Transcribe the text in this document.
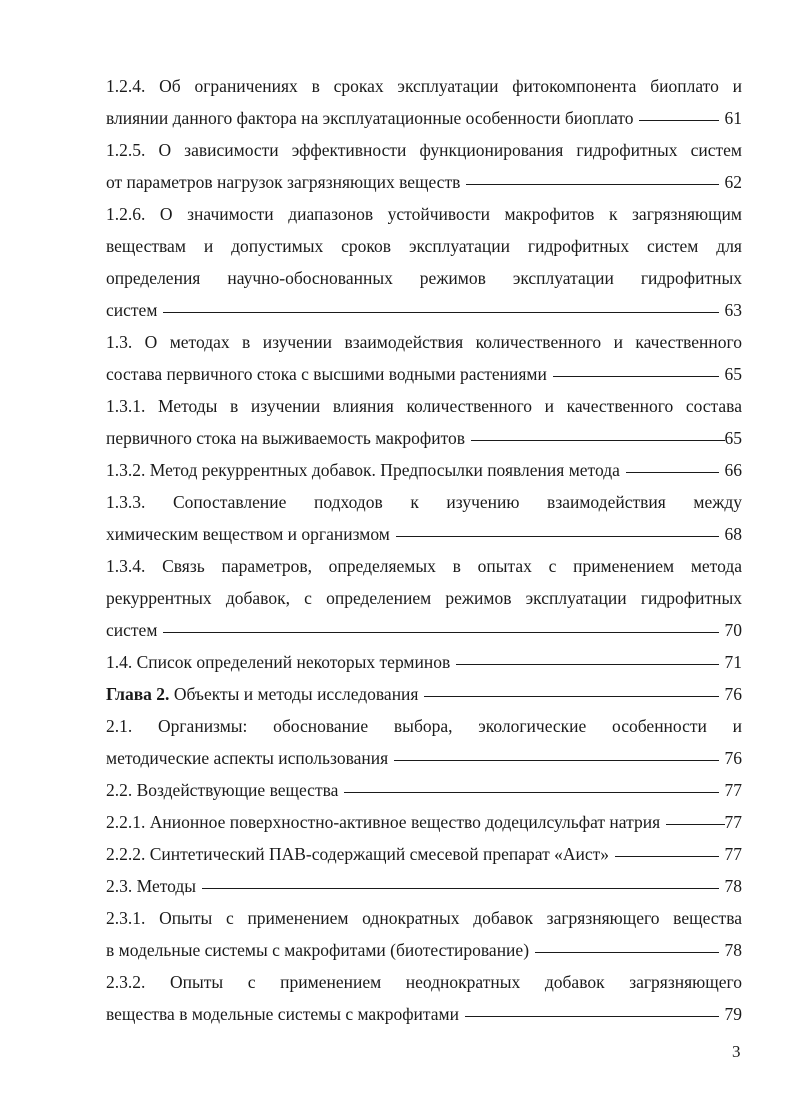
1.2.4. Об ограничениях в сроках эксплуатации фитокомпонента биоплато и
влиянии данного фактора на эксплуатационные особенности биоплато	61
1.2.5. О зависимости эффективности функционирования гидрофитных систем
от параметров нагрузок загрязняющих веществ	62
1.2.6. О значимости диапазонов устойчивости макрофитов к загрязняющим
веществам и допустимых сроков эксплуатации гидрофитных систем для
определения научно-обоснованных режимов эксплуатации гидрофитных
систем	63
1.3. О методах в изучении взаимодействия количественного и качественного
состава первичного стока с высшими водными растениями	65
1.3.1. Методы в изучении влияния количественного и качественного состава
первичного стока на выживаемость макрофитов	65
1.3.2. Метод рекуррентных добавок. Предпосылки появления метода	66
1.3.3. Сопоставление подходов к изучению взаимодействия между
химическим веществом и организмом	68
1.3.4. Связь параметров, определяемых в опытах с применением метода
рекуррентных добавок, с определением режимов эксплуатации гидрофитных
систем	70
1.4. Список определений некоторых терминов	71
Глава 2. Объекты и методы исследования	76
2.1. Организмы: обоснование выбора, экологические особенности и
методические аспекты использования	76
2.2. Воздействующие вещества	77
2.2.1. Анионное поверхностно-активное вещество додецилсульфат натрия	77
2.2.2. Синтетический ПАВ-содержащий смесевой препарат «Аист»	77
2.3. Методы	78
2.3.1. Опыты с применением однократных добавок загрязняющего вещества
в модельные системы с макрофитами (биотестирование)	78
2.3.2. Опыты с применением неоднократных добавок загрязняющего
вещества в модельные системы с макрофитами	79
3
